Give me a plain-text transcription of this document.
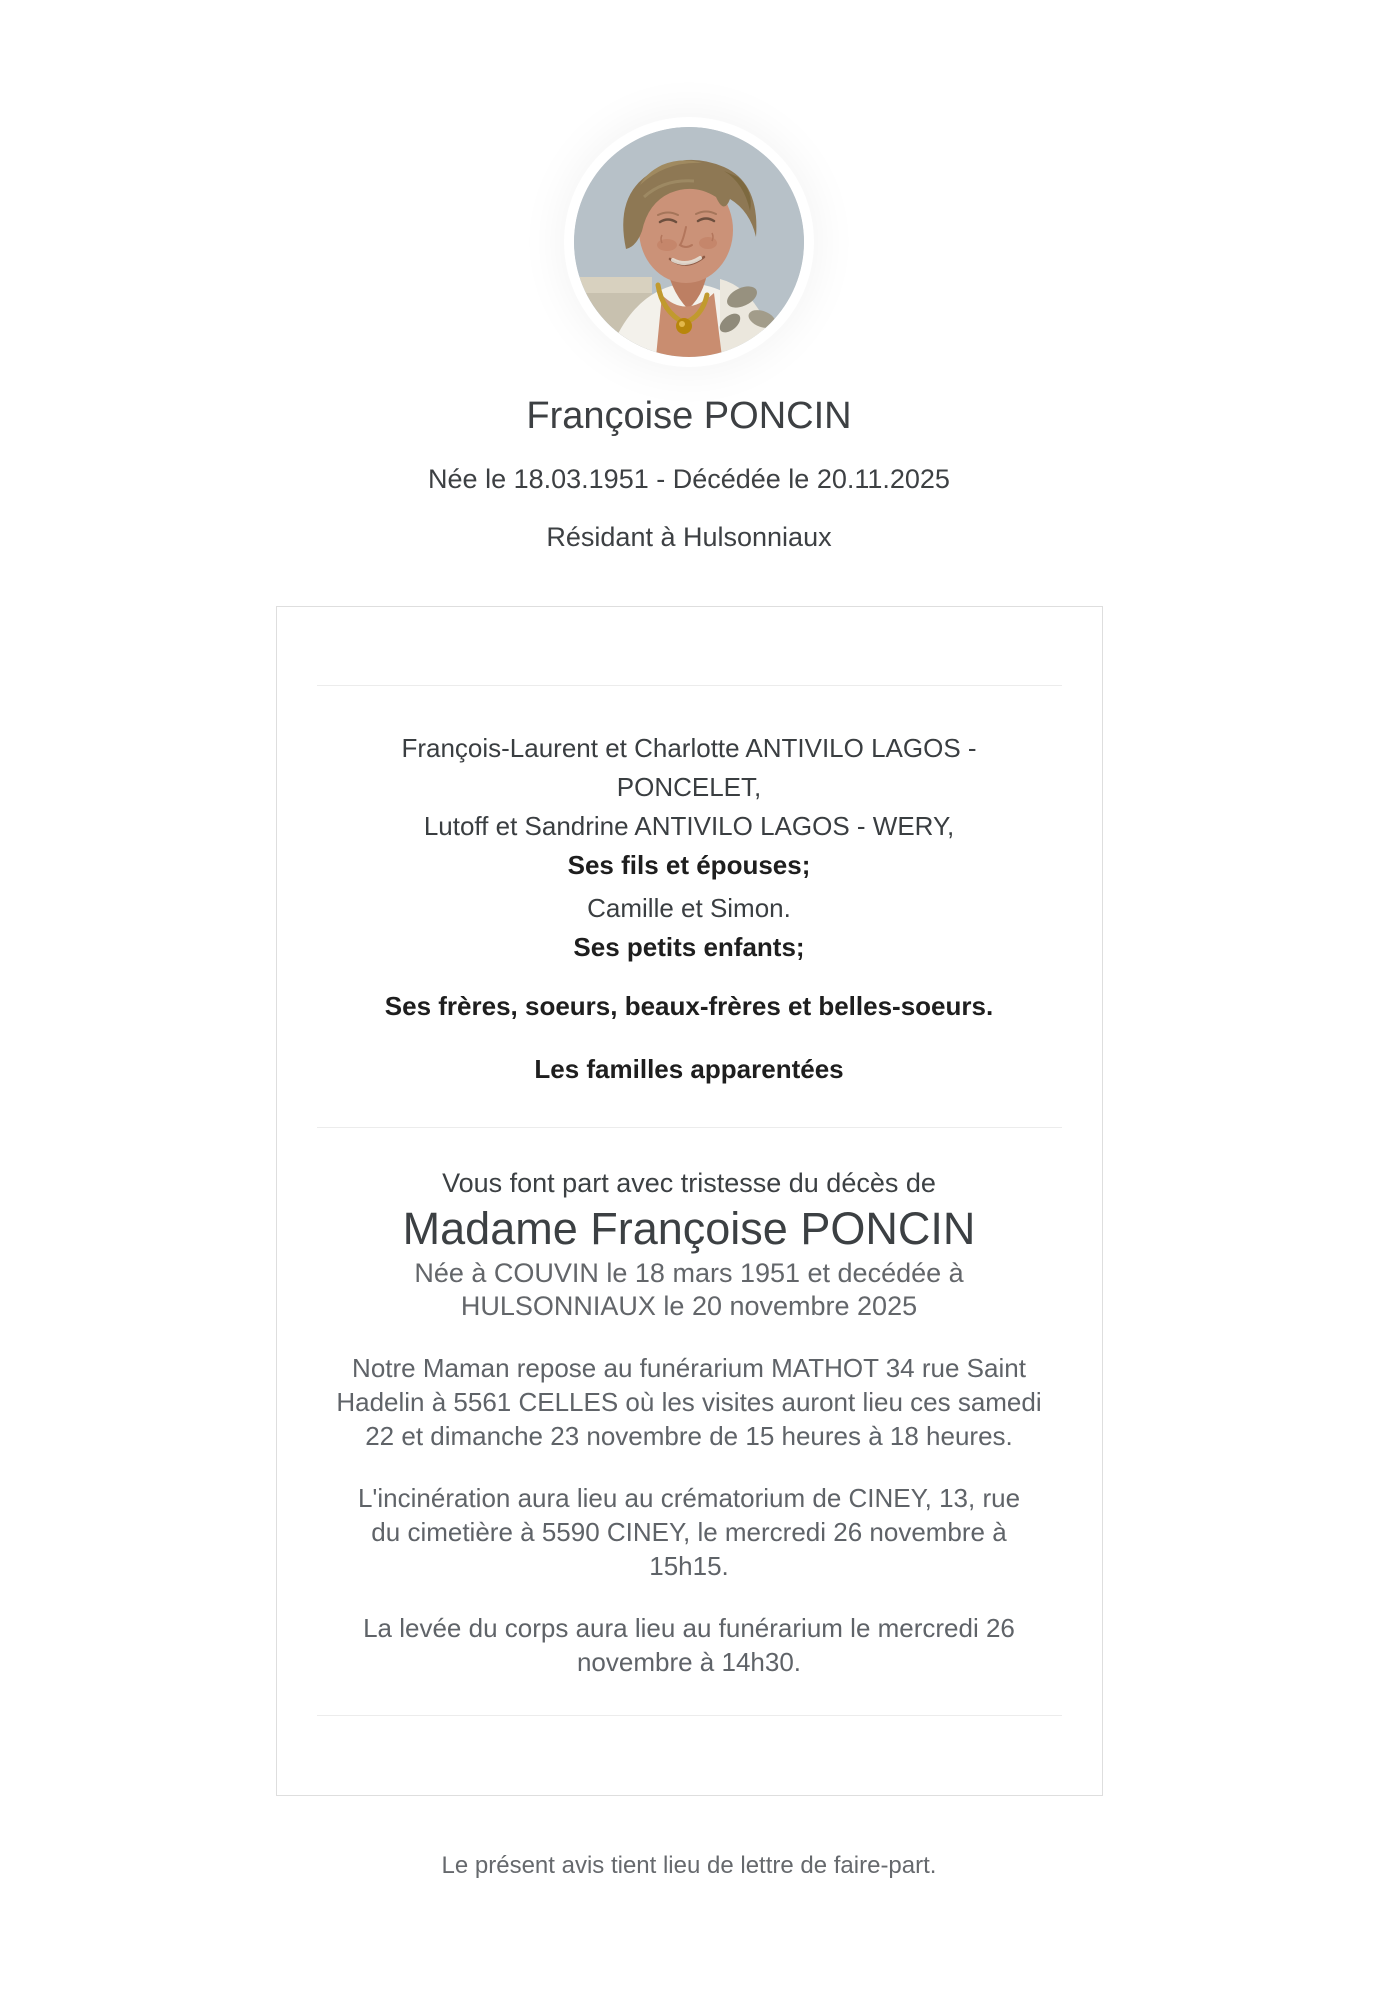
Françoise PONCIN
Née le 18.03.1951 - Décédée le 20.11.2025
Résidant à Hulsonniaux
François-Laurent et Charlotte ANTIVILO LAGOS -
PONCELET,
Lutoff et Sandrine ANTIVILO LAGOS - WERY,
Ses fils et épouses;
Camille et Simon.
Ses petits enfants;
Ses frères, soeurs, beaux-frères et belles-soeurs.
Les familles apparentées
Vous font part avec tristesse du décès de
Madame Françoise PONCIN
Née à COUVIN le 18 mars 1951 et decédée à
HULSONNIAUX le 20 novembre 2025
Notre Maman repose au funérarium MATHOT 34 rue Saint
Hadelin à 5561 CELLES où les visites auront lieu ces samedi
22 et dimanche 23 novembre de 15 heures à 18 heures.
L'incinération aura lieu au crématorium de CINEY, 13, rue
du cimetière à 5590 CINEY, le mercredi 26 novembre à
15h15.
La levée du corps aura lieu au funérarium le mercredi 26
novembre à 14h30.
Le présent avis tient lieu de lettre de faire-part.
